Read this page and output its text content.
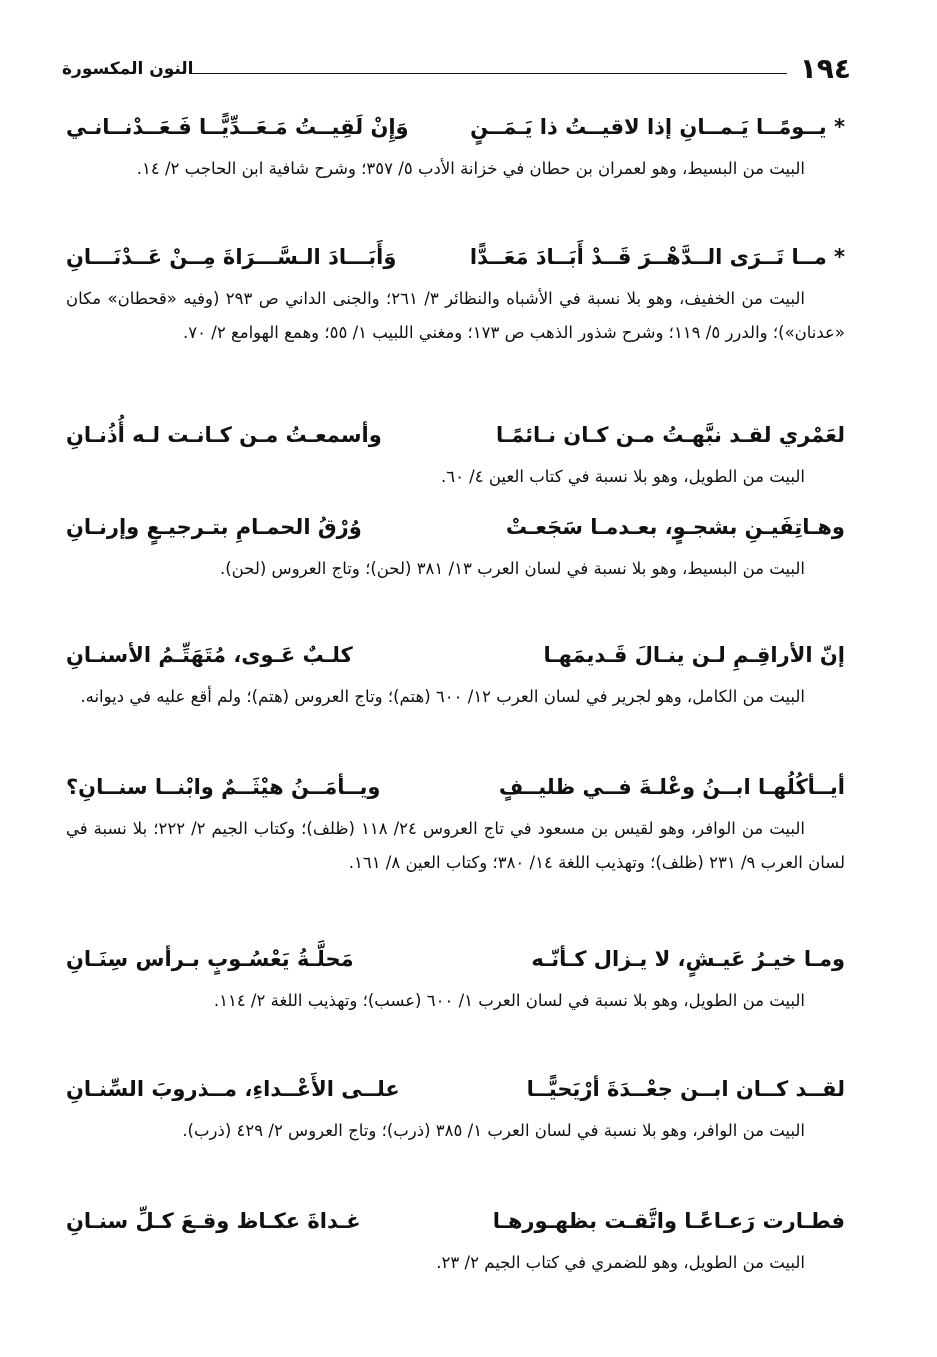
١٩٤
النون المكسورة
* يــومًــا يَـمــانِ إذا لاقيــتُ ذا يَـمَــنٍ
وَإِنْ لَقِيــتُ مَـعَــدِّيًّــا فَـعَــدْنــانـي

البيت من البسيط، وهو لعمران بن حطان في خزانة الأدب ٥/ ٣٥٧؛ وشرح شافية ابن الحاجب ٢/ ١٤.

* مــا تَــرَى الــدَّهْــرَ قَــدْ أَبَــادَ مَعَــدًّا
وَأَبَـــادَ الـسَّـــرَاةَ مِــنْ عَــدْنَـــانِ

البيت من الخفيف، وهو بلا نسبة في الأشباه والنظائر ٣/ ٢٦١؛ والجنى الداني ص ٢٩٣ (وفيه «قحطان» مكان «عدنان»)؛ والدرر ٥/ ١١٩؛ وشرح شذور الذهب ص ١٧٣؛ ومغني اللبيب ١/ ٥٥؛ وهمع الهوامع ٢/ ٧٠.

لعَمْري لقـد نبَّهـتُ مـن كـان نـائمًـا
وأسمعـتُ مـن كـانـت لـه أُذُنـانِ

البيت من الطويل، وهو بلا نسبة في كتاب العين ٤/ ٦٠.

وهـاتِفَيـنِ بشجـوٍ، بعـدمـا سَجَعـتْ
وُرْقُ الحمـامِ بتـرجيـعٍ وإرنـانِ

البيت من البسيط، وهو بلا نسبة في لسان العرب ١٣/ ٣٨١ (لحن)؛ وتاج العروس (لحن).

إنّ الأراقِـمِ لـن ينـالَ قَـديمَهـا
كلـبٌ عَـوى، مُتَهَتِّـمُ الأسنـانِ

البيت من الكامل، وهو لجرير في لسان العرب ١٢/ ٦٠٠ (هتم)؛ وتاج العروس (هتم)؛ ولم أقع عليه في ديوانه.

أيــأكُلُهـا ابــنُ وعْلـةَ فــي ظليــفٍ
ويــأمَــنُ هيْثَــمٌ وابْنــا سنــانِ؟

البيت من الوافر، وهو لقيس بن مسعود في تاج العروس ٢٤/ ١١٨ (ظلف)؛ وكتاب الجيم ٢/ ٢٢٢؛ بلا نسبة في لسان العرب ٩/ ٢٣١ (ظلف)؛ وتهذيب اللغة ١٤/ ٣٨٠؛ وكتاب العين ٨/ ١٦١.

ومـا خيـرُ عَيـشٍ، لا يـزال كـأنّـه
مَحلَّـةُ يَعْسُـوبٍ بـرأس سِنَـانِ

البيت من الطويل، وهو بلا نسبة في لسان العرب ١/ ٦٠٠ (عسب)؛ وتهذيب اللغة ٢/ ١١٤.

لقــد كــان ابــن جعْــدَةَ أرْيَحيًّــا
علــى الأَعْــداءِ، مــذروبَ السِّنـانِ

البيت من الوافر، وهو بلا نسبة في لسان العرب ١/ ٣٨٥ (ذرب)؛ وتاج العروس ٢/ ٤٢٩ (ذرب).

فطـارت رَعـاعًـا واتَّقـت بظهـورهـا
غـداةَ عكـاظ وقـعَ كـلِّ سنـانِ

البيت من الطويل، وهو للضمري في كتاب الجيم ٢/ ٢٣.
